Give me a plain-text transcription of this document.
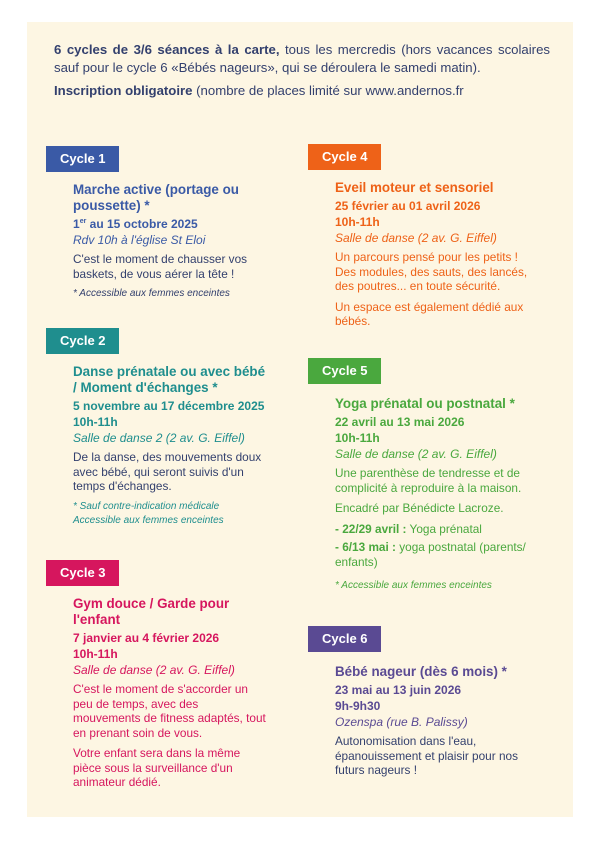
6 cycles de 3/6 séances à la carte, tous les mercredis (hors vacances scolaires sauf pour le cycle 6 «Bébés nageurs», qui se déroulera le samedi matin).

Inscription obligatoire (nombre de places limité sur www.andernos.fr

Cycle 1

Marche active (portage ou poussette) *

1er au 15 octobre 2025

Rdv 10h à l'église St Eloi

C'est le moment de chausser vos baskets, de vous aérer la tête !

* Accessible aux femmes enceintes

Cycle 2

Danse prénatale ou avec bébé / Moment d'échanges *

5 novembre au 17 décembre 2025

10h-11h

Salle de danse 2 (2 av. G. Eiffel)

De la danse, des mouvements doux avec bébé, qui seront suivis d'un temps d'échanges.

* Sauf contre-indication médicale

Accessible aux femmes enceintes

Cycle 3

Gym douce / Garde pour l'enfant

7 janvier au 4 février 2026

10h-11h

Salle de danse (2 av. G. Eiffel)

C'est le moment de s'accorder un peu de temps, avec des mouvements de fitness adaptés, tout en prenant soin de vous.

Votre enfant sera dans la même pièce sous la surveillance d'un animateur dédié.

Cycle 4

Eveil moteur et sensoriel

25 février au 01 avril 2026

10h-11h

Salle de danse (2 av. G. Eiffel)

Un parcours pensé pour les petits ! Des modules, des sauts, des lancés, des poutres... en toute sécurité.

Un espace est également dédié aux bébés.

Cycle 5

Yoga prénatal ou postnatal *

22 avril au 13 mai 2026

10h-11h

Salle de danse (2 av. G. Eiffel)

Une parenthèse de tendresse et de complicité à reproduire à la maison.

Encadré par Bénédicte Lacroze.

- 22/29 avril : Yoga prénatal

- 6/13 mai : yoga postnatal (parents/ enfants)

* Accessible aux femmes enceintes

Cycle 6

Bébé nageur (dès 6 mois) *

23 mai au 13 juin 2026

9h-9h30

Ozenspa (rue B. Palissy)

Autonomisation dans l'eau, épanouissement et plaisir pour nos futurs nageurs !
